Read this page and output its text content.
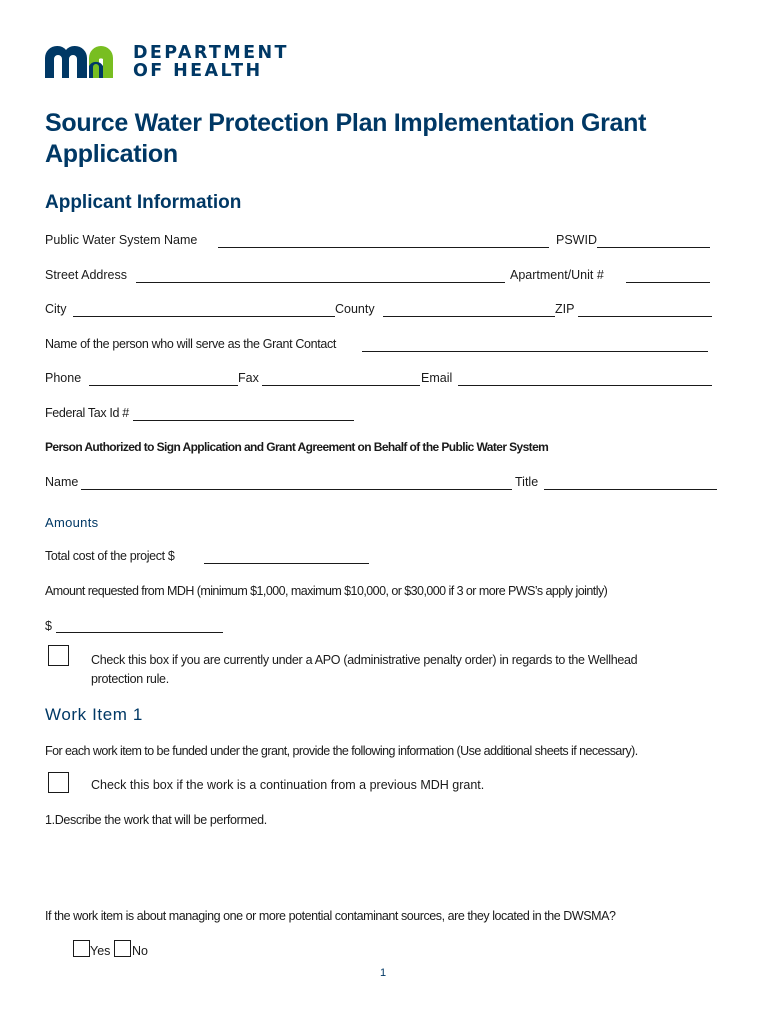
DEPARTMENT
OF HEALTH
Source Water Protection Plan Implementation Grant Application
Applicant Information
Public Water System Name	PSWID
Street Address	Apartment/Unit #
City	County	ZIP
Name of the person who will serve as the Grant Contact
Phone	Fax	Email
Federal Tax Id #
Person Authorized to Sign Application and Grant Agreement on Behalf of the Public Water System
Name	Title
Amounts
Total cost of the project $
Amount requested from MDH (minimum $1,000, maximum $10,000, or $30,000 if 3 or more PWS’s apply jointly)
$
Check this box if you are currently under a APO (administrative penalty order) in regards to the Wellhead protection rule.
Work Item 1
For each work item to be funded under the grant, provide the following information (Use additional sheets if necessary).
Check this box if the work is a continuation from a previous MDH grant.
1.Describe the work that will be performed.
If the work item is about managing one or more potential contaminant sources, are they located in the DWSMA?
Yes No
1
